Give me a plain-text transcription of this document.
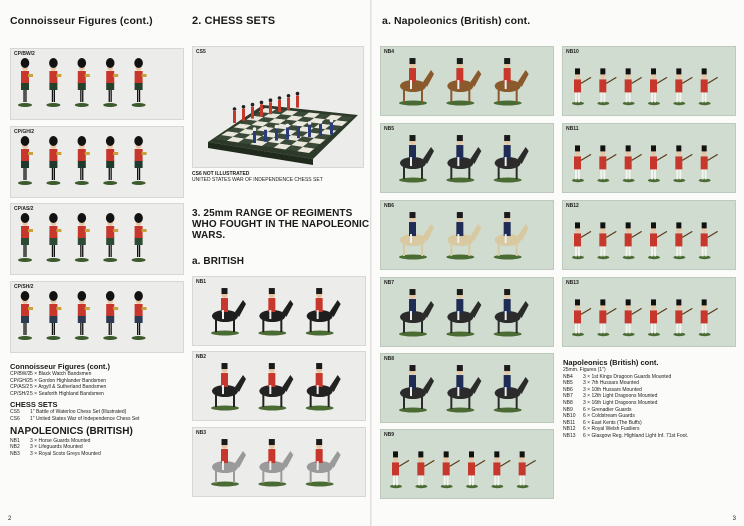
Connoisseur Figures (cont.)
CP/BW/2
CP/GH/2
CP/AS/2
CP/SH/2
Connoisseur Figures (cont.)
CP/BW/25 × Black Watch Bandsmen
CP/GH/25 × Gordon Highlander Bandsmen
CP/AS/25 × Argyll & Sutherland Bandsmen
CP/SH/25 × Seaforth Highland Bandsmen
CHESS SETS
CS5 1" Battle of Waterloo Chess Set (Illustrated)
CS6 1" United States War of Independence Chess Set
NAPOLEONICS (BRITISH)
NB1 3 × Horse Guards Mounted
NB2 3 × Lifeguards Mounted
NB3 3 × Royal Scots Greys Mounted
2. CHESS SETS
CS5
CS6 NOT ILLUSTRATED
UNITED STATES WAR OF INDEPENDENCE CHESS SET
3. 25mm RANGE OF REGIMENTS
WHO FOUGHT IN THE NAPOLEONIC
WARS.
a. BRITISH
NB1
NB2
NB3
2
a. Napoleonics (British) cont.
NB4
NB5
NB6
NB7
NB8
NB9
NB10
NB11
NB12
NB13
Napoleonics (British) cont.
25mm. Figures (1")
NB4 3 × 1st Kings Dragoon Guards Mounted
NB5 3 × 7th Hussars Mounted
NB6 3 × 10th Hussars Mounted
NB7 3 × 12th Light Dragoons Mounted
NB8 3 × 16th Light Dragoons Mounted
NB9 6 × Grenadier Guards
NB10 6 × Coldstream Guards
NB11 6 × East Kents (The Buffs)
NB12 6 × Royal Welsh Fusiliers
NB13 6 × Glasgow Reg. Highland Light Inf. 71st Foot.
3
